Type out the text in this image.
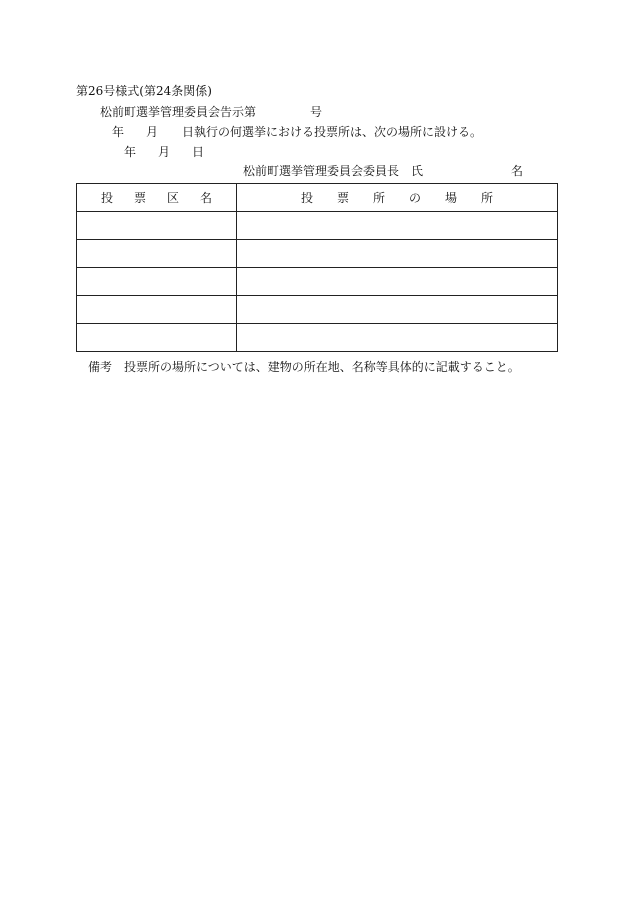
第26号様式(第24条関係)
松前町選挙管理委員会告示第	号
年 月 日執行の何選挙における投票所は、次の場所に設ける。
年 月 日
松前町選挙管理委員会委員長 氏	名
投票区名	投票所の場所

備考 投票所の場所については、建物の所在地、名称等具体的に記載すること。
